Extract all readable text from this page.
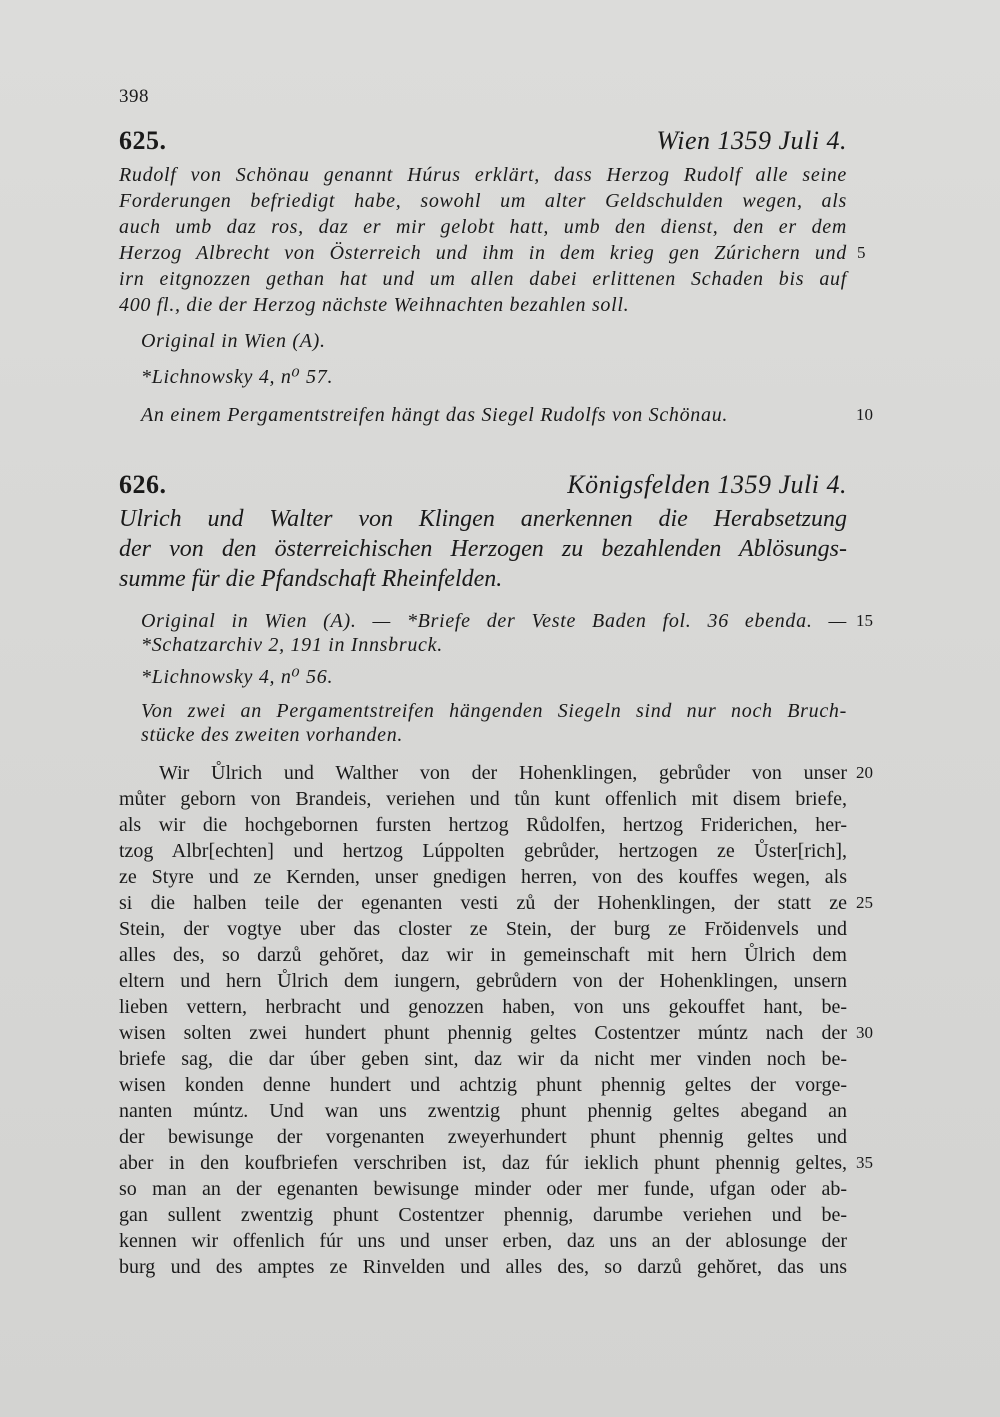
398
625.	Wien 1359 Juli 4.
Rudolf von Schönau genannt Húrus erklärt, dass Herzog Rudolf alle seine
Forderungen befriedigt habe, sowohl um alter Geldschulden wegen, als
auch umb daz ros, daz er mir gelobt hatt, umb den dienst, den er dem
Herzog Albrecht von Österreich und ihm in dem krieg gen Zúrichern und
irn eitgnozzen gethan hat und um allen dabei erlittenen Schaden bis auf
400 fl., die der Herzog nächste Weihnachten bezahlen soll.
Original in Wien (A).
*Lichnowsky 4, n⁰ 57.
An einem Pergamentstreifen hängt das Siegel Rudolfs von Schönau.
626.	Königsfelden 1359 Juli 4.
Ulrich und Walter von Klingen anerkennen die Herabsetzung
der von den österreichischen Herzogen zu bezahlenden Ablösungs-
summe für die Pfandschaft Rheinfelden.
Original in Wien (A). — *Briefe der Veste Baden fol. 36 ebenda. —
*Schatzarchiv 2, 191 in Innsbruck.
*Lichnowsky 4, n⁰ 56.
Von zwei an Pergamentstreifen hängenden Siegeln sind nur noch Bruch-
stücke des zweiten vorhanden.
Wir Ůlrich und Walther von der Hohenklingen, gebrůder von unser
můter geborn von Brandeis, veriehen und tůn kunt offenlich mit disem briefe,
als wir die hochgebornen fursten hertzog Růdolfen, hertzog Friderichen, her-
tzog Albr[echten] und hertzog Lúppolten gebrůder, hertzogen ze Ůster[rich],
ze Styre und ze Kernden, unser gnedigen herren, von des kouffes wegen, als
si die halben teile der egenanten vesti zů der Hohenklingen, der statt ze
Stein, der vogtye uber das closter ze Stein, der burg ze Frŏidenvels und
alles des, so darzů gehŏret, daz wir in gemeinschaft mit hern Ůlrich dem
eltern und hern Ůlrich dem iungern, gebrůdern von der Hohenklingen, unsern
lieben vettern, herbracht und genozzen haben, von uns gekouffet hant, be-
wisen solten zwei hundert phunt phennig geltes Costentzer múntz nach der
briefe sag, die dar úber geben sint, daz wir da nicht mer vinden noch be-
wisen konden denne hundert und achtzig phunt phennig geltes der vorge-
nanten múntz. Und wan uns zwentzig phunt phennig geltes abegand an
der bewisunge der vorgenanten zweyerhundert phunt phennig geltes und
aber in den koufbriefen verschriben ist, daz fúr ieklich phunt phennig geltes,
so man an der egenanten bewisunge minder oder mer funde, ufgan oder ab-
gan sullent zwentzig phunt Costentzer phennig, darumbe veriehen und be-
kennen wir offenlich fúr uns und unser erben, daz uns an der ablosunge der
burg und des amptes ze Rinvelden und alles des, so darzů gehŏret, das uns
5
10
15
20
25
30
35
